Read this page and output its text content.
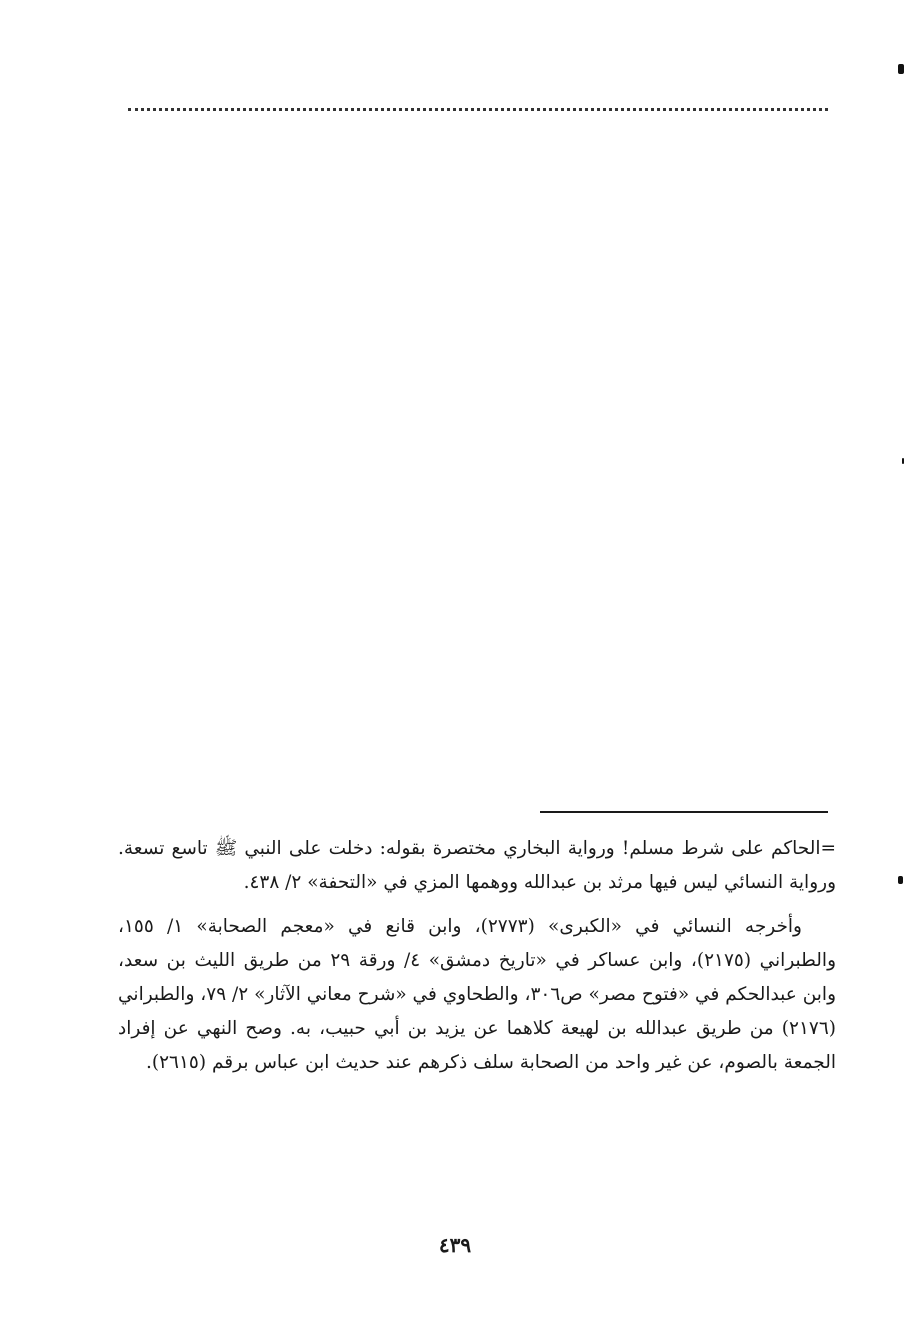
=الحاكم على شرط مسلم! ورواية البخاري مختصرة بقوله: دخلت على النبي ﷺ تاسع تسعة. ورواية النسائي ليس فيها مرثد بن عبدالله ووهمها المزي في «التحفة» ٢/ ٤٣٨.

وأخرجه النسائي في «الكبرى» (٢٧٧٣)، وابن قانع في «معجم الصحابة» ١/ ١٥٥، والطبراني (٢١٧٥)، وابن عساكر في «تاريخ دمشق» ٤/ ورقة ٢٩ من طريق الليث بن سعد، وابن عبدالحكم في «فتوح مصر» ص٣٠٦، والطحاوي في «شرح معاني الآثار» ٢/ ٧٩، والطبراني (٢١٧٦) من طريق عبدالله بن لهيعة كلاهما عن يزيد بن أبي حبيب، به. وصح النهي عن إفراد الجمعة بالصوم، عن غير واحد من الصحابة سلف ذكرهم عند حديث ابن عباس برقم (٢٦١٥).

٤٣٩
